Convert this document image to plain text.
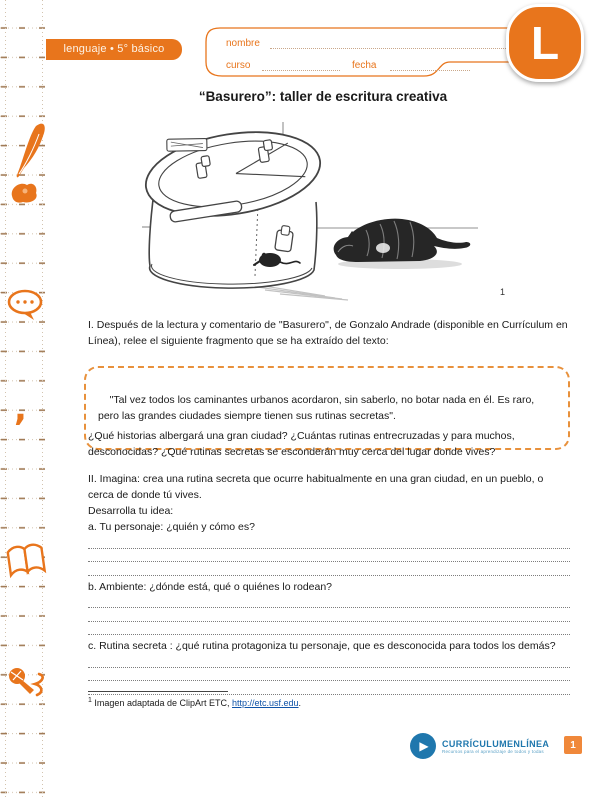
,
lenguaje • 5° básico	nombre
curso	fecha	L
“Basurero”: taller de escritura creativa
1

I. Después de la lectura y comentario de "Basurero", de Gonzalo Andrade (disponible en Currículum en Línea), relee el siguiente fragmento que se ha extraído del texto:

"Tal vez todos los caminantes urbanos acordaron, sin saberlo, no botar nada en él. Es raro,   pero las grandes ciudades siempre tienen sus rutinas secretas".

¿Qué historias albergará una gran ciudad? ¿Cuántas rutinas entrecruzadas y para muchos, desconocidas? ¿Qué rutinas secretas se esconderán muy cerca del lugar donde vives?

II. Imagina: crea una rutina secreta que ocurre habitualmente en una gran ciudad, en un pueblo, o cerca de donde tú vives.

Desarrolla tu idea:

a. Tu personaje: ¿quién y cómo es?

b. Ambiente: ¿dónde está, qué o quiénes lo rodean?

c. Rutina secreta : ¿qué rutina protagoniza tu personaje, que es desconocida para todos los demás?

$^1$ Imagen adaptada de ClipArt ETC, http://etc.usf.edu.
▶	CURRÍCULUMENLÍNEA
Recursos para el aprendizaje de todos y todas
1
